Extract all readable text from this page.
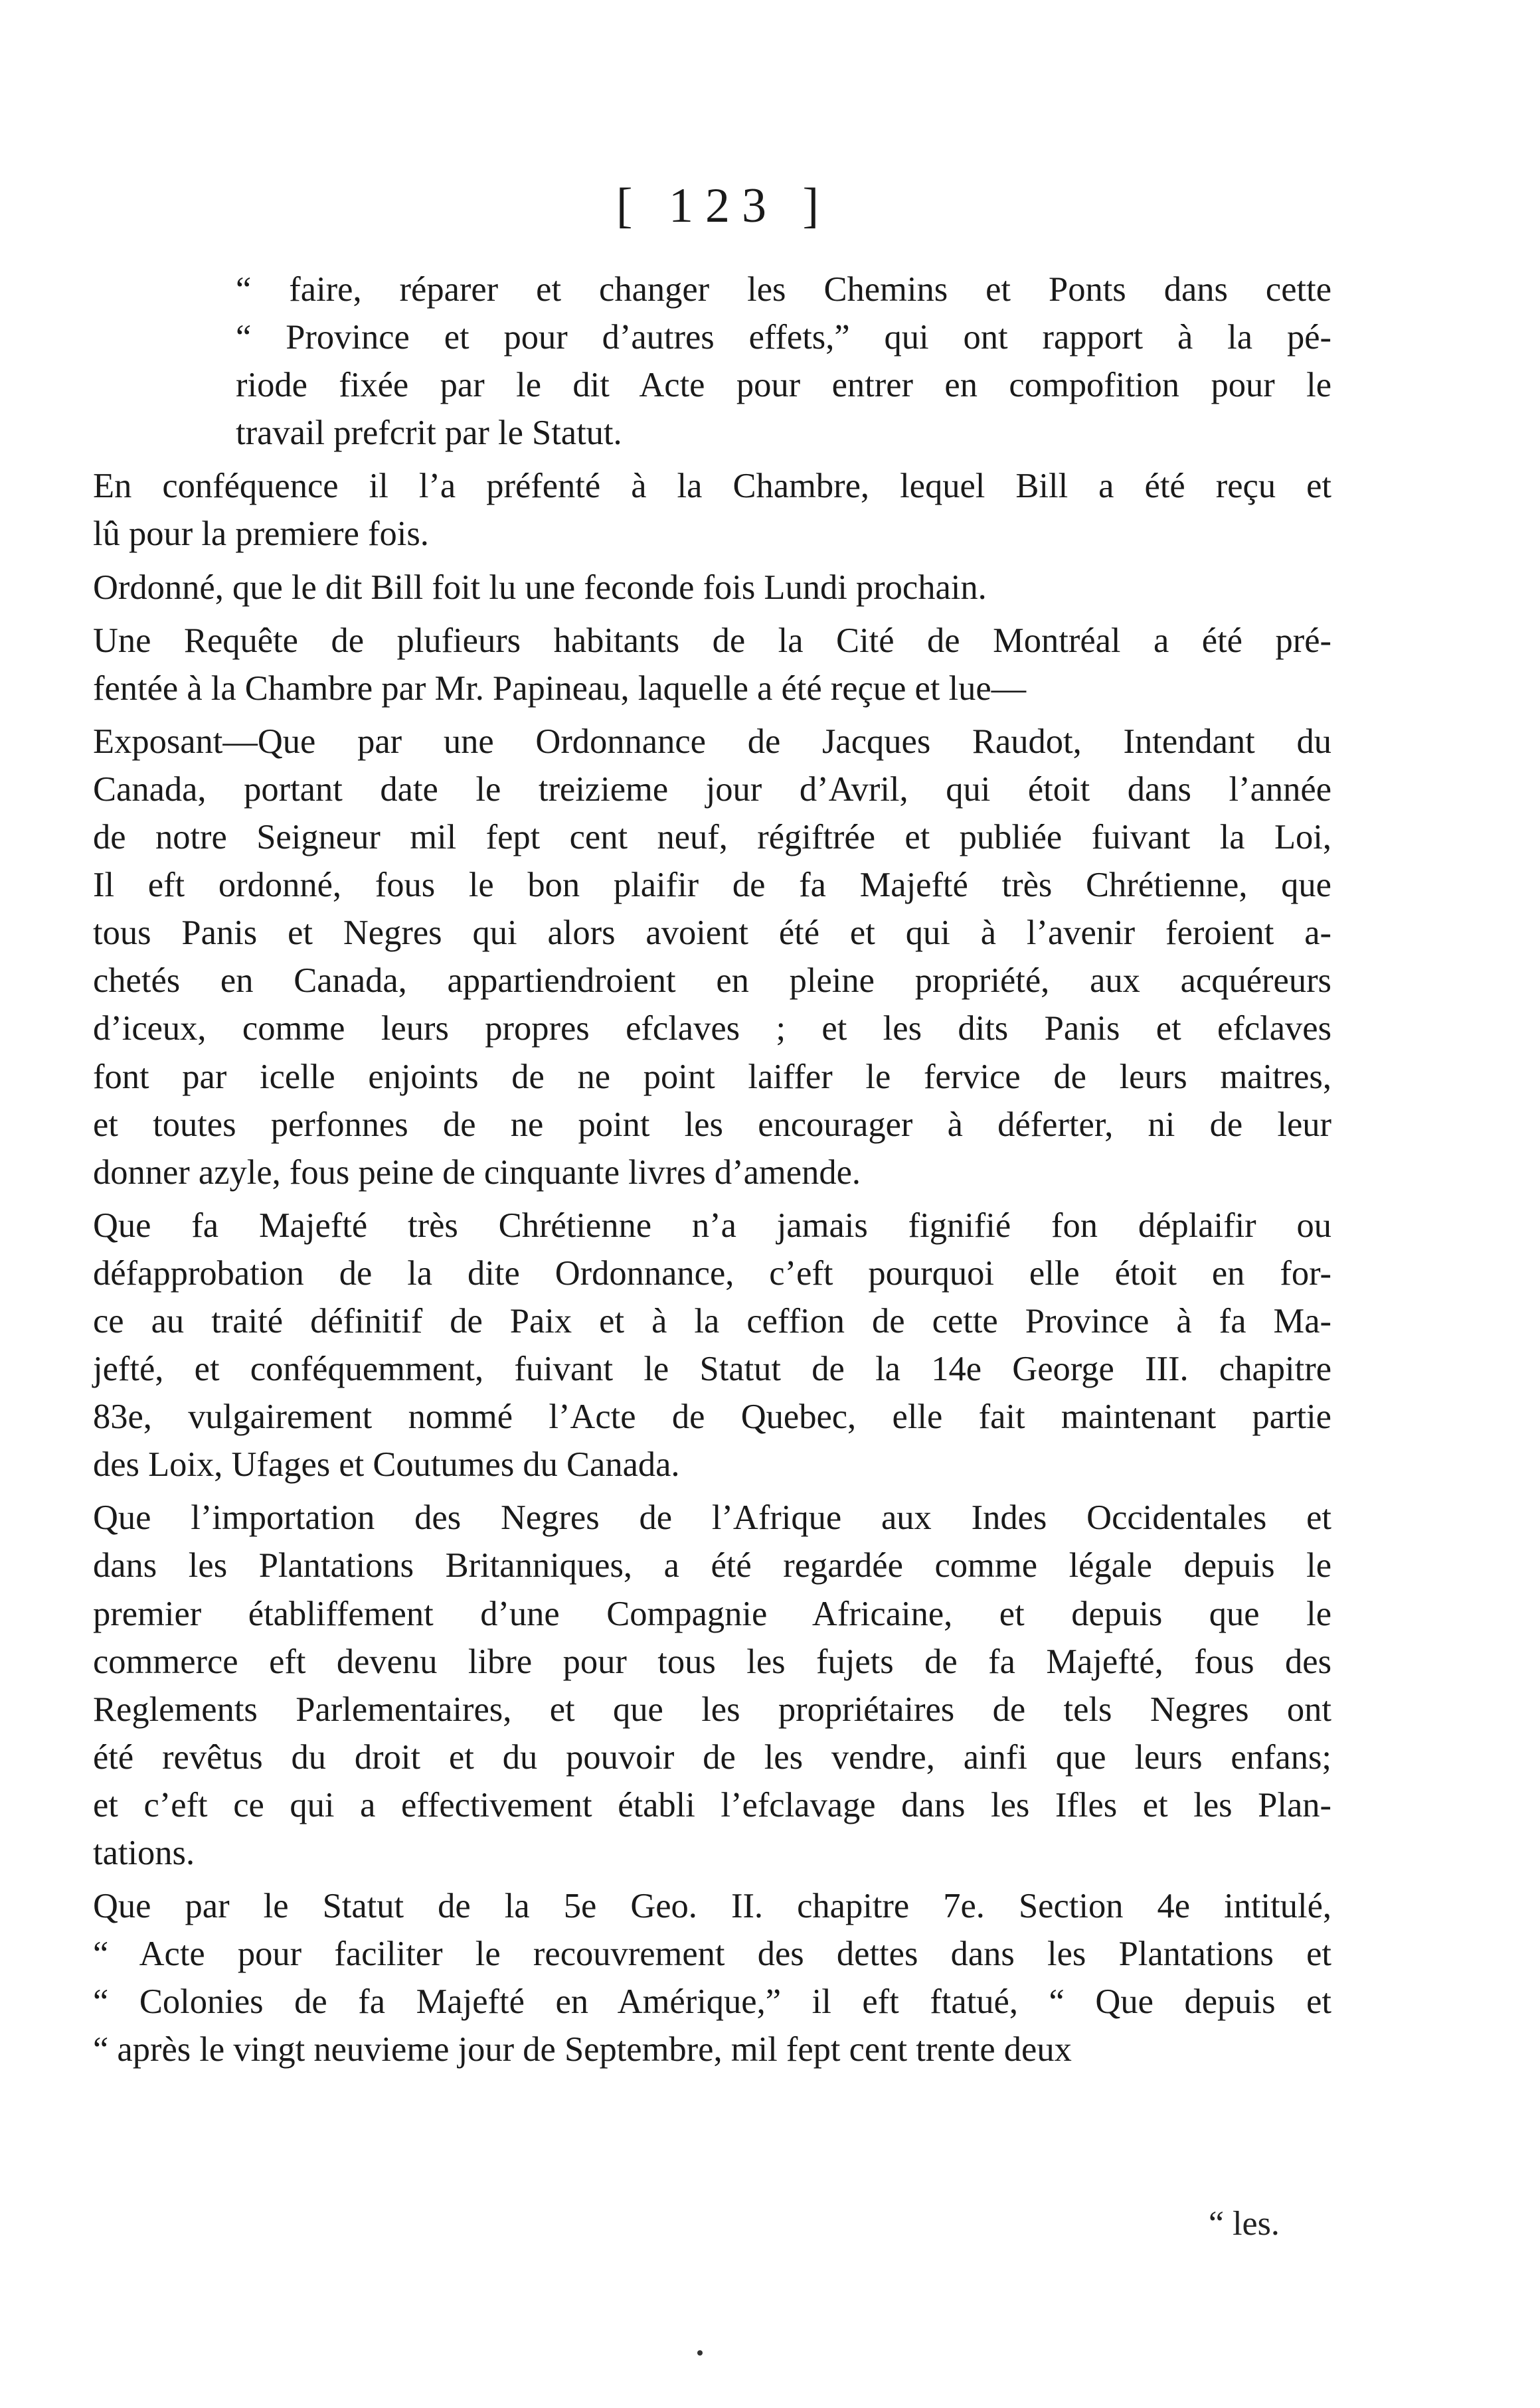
[ 123 ]
“ faire, réparer et changer les Chemins et Ponts dans cette
“ Province et pour d’autres effets,” qui ont rapport à la pé-
riode fixée par le dit Acte pour entrer en compofition pour le
travail prefcrit par le Statut.
En conféquence il l’a préfenté à la Chambre, lequel Bill a été reçu et
lû pour la premiere fois.
Ordonné, que le dit Bill foit lu une feconde fois Lundi prochain.
Une Requête de plufieurs habitants de la Cité de Montréal a été pré-
fentée à la Chambre par Mr. Papineau, laquelle a été reçue et lue—
Exposant—Que par une Ordonnance de Jacques Raudot, Intendant du
Canada, portant date le treizieme jour d’Avril, qui étoit dans l’année
de notre Seigneur mil fept cent neuf, régiftrée et publiée fuivant la Loi,
Il eft ordonné, fous le bon plaifir de fa Majefté très Chrétienne, que
tous Panis et Negres qui alors avoient été et qui à l’avenir feroient a-
chetés en Canada, appartiendroient en pleine propriété, aux acquéreurs
d’iceux, comme leurs propres efclaves ; et les dits Panis et efclaves
font par icelle enjoints de ne point laiffer le fervice de leurs maitres,
et toutes perfonnes de ne point les encourager à déferter, ni de leur
donner azyle, fous peine de cinquante livres d’amende.
Que fa Majefté très Chrétienne n’a jamais fignifié fon déplaifir ou
défapprobation de la dite Ordonnance, c’eft pourquoi elle étoit en for-
ce au traité définitif de Paix et à la ceffion de cette Province à fa Ma-
jefté, et conféquemment, fuivant le Statut de la 14e George III. chapitre
83e, vulgairement nommé l’Acte de Quebec, elle fait maintenant partie
des Loix, Ufages et Coutumes du Canada.
Que l’importation des Negres de l’Afrique aux Indes Occidentales et
dans les Plantations Britanniques, a été regardée comme légale depuis le
premier établiffement d’une Compagnie Africaine, et depuis que le
commerce eft devenu libre pour tous les fujets de fa Majefté, fous des
Reglements Parlementaires, et que les propriétaires de tels Negres ont
été revêtus du droit et du pouvoir de les vendre, ainfi que leurs enfans;
et c’eft ce qui a effectivement établi l’efclavage dans les Ifles et les Plan-
tations.
Que par le Statut de la 5e Geo. II. chapitre 7e. Section 4e intitulé,
“ Acte pour faciliter le recouvrement des dettes dans les Plantations et
“ Colonies de fa Majefté en Amérique,” il eft ftatué, “ Que depuis et
“ après le vingt neuvieme jour de Septembre, mil fept cent trente deux
“ les.
